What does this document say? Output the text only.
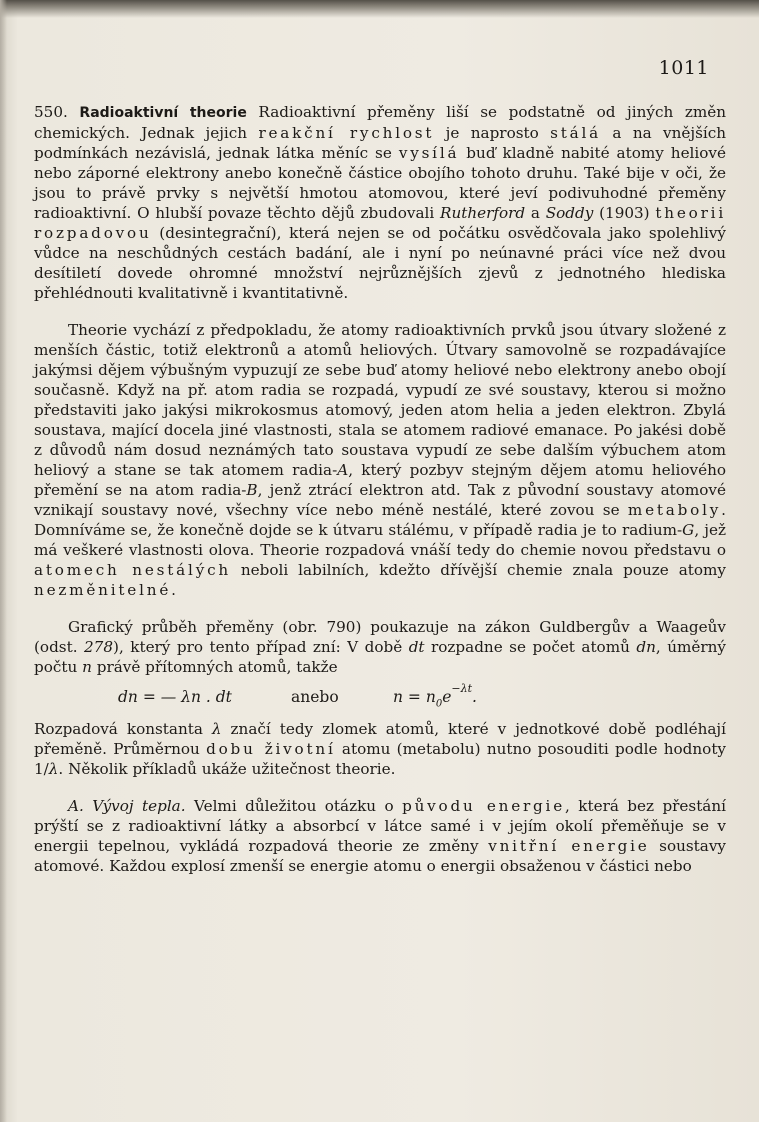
1011

550. Radioaktivní theorie Radioaktivní přeměny liší se podstatně od jiných změn chemických. Jednak jejich reakční rychlost je naprosto stálá a na vnějších podmínkách nezávislá, jednak látka měníc se vysílá buď kladně nabité atomy heliové nebo záporné elektrony anebo konečně částice obojího tohoto druhu. Také bije v oči, že jsou to právě prvky s největší hmotou atomovou, které jeví podivuhodné přeměny radioaktivní. O hlubší povaze těchto dějů zbudovali Rutherford a Soddy (1903) theorii rozpadovou (desintegrační), která nejen se od počátku osvědčovala jako spolehlivý vůdce na neschůdných cestách badání, ale i nyní po neúnavné práci více než dvou desítiletí dovede ohromné množství nejrůznějších zjevů z jednotného hlediska přehlédnouti kvalitativně i kvantitativně.

Theorie vychází z předpokladu, že atomy radioaktivních prvků jsou útvary složené z menších částic, totiž elektronů a atomů heliových. Útvary samovolně se rozpadávajíce jakýmsi dějem výbušným vypuzují ze sebe buď atomy heliové nebo elektrony anebo obojí současně. Když na př. atom radia se rozpadá, vypudí ze své soustavy, kterou si možno představiti jako jakýsi mikrokosmus atomový, jeden atom helia a jeden elektron. Zbylá soustava, mající docela jiné vlastnosti, stala se atomem radiové emanace. Po jakési době z důvodů nám dosud neznámých tato soustava vypudí ze sebe dalším výbuchem atom heliový a stane se tak atomem radia-A, který pozbyv stejným dějem atomu heliového přemění se na atom radia-B, jenž ztrácí elektron atd. Tak z původní soustavy atomové vznikají soustavy nové, všechny více nebo méně nestálé, které zovou se metaboly. Domníváme se, že konečně dojde se k útvaru stálému, v případě radia je to radium-G, jež má veškeré vlastnosti olova. Theorie rozpadová vnáší tedy do chemie novou představu o atomech nestálých neboli labilních, kdežto dřívější chemie znala pouze atomy nezměnitelné.

Grafický průběh přeměny (obr. 790) poukazuje na zákon Guldbergův a Waageův (odst. 278), který pro tento případ zní: V době dt rozpadne se počet atomů dn, úměrný počtu n právě přítomných atomů, takže

dn = — λn . dt	anebo	$n = n_0e^{-\lambda t}$.

Rozpadová konstanta λ značí tedy zlomek atomů, které v jednotkové době podléhají přeměně. Průměrnou dobu životní atomu (metabolu) nutno posouditi podle hodnoty 1/λ. Několik příkladů ukáže užitečnost theorie.

A. Vývoj tepla. Velmi důležitou otázku o původu energie, která bez přestání prýští se z radioaktivní látky a absorbcí v látce samé i v jejím okolí přeměňuje se v energii tepelnou, vykládá rozpadová theorie ze změny vnitřní energie soustavy atomové. Každou explosí zmenší se energie atomu o energii obsaženou v částici nebo
